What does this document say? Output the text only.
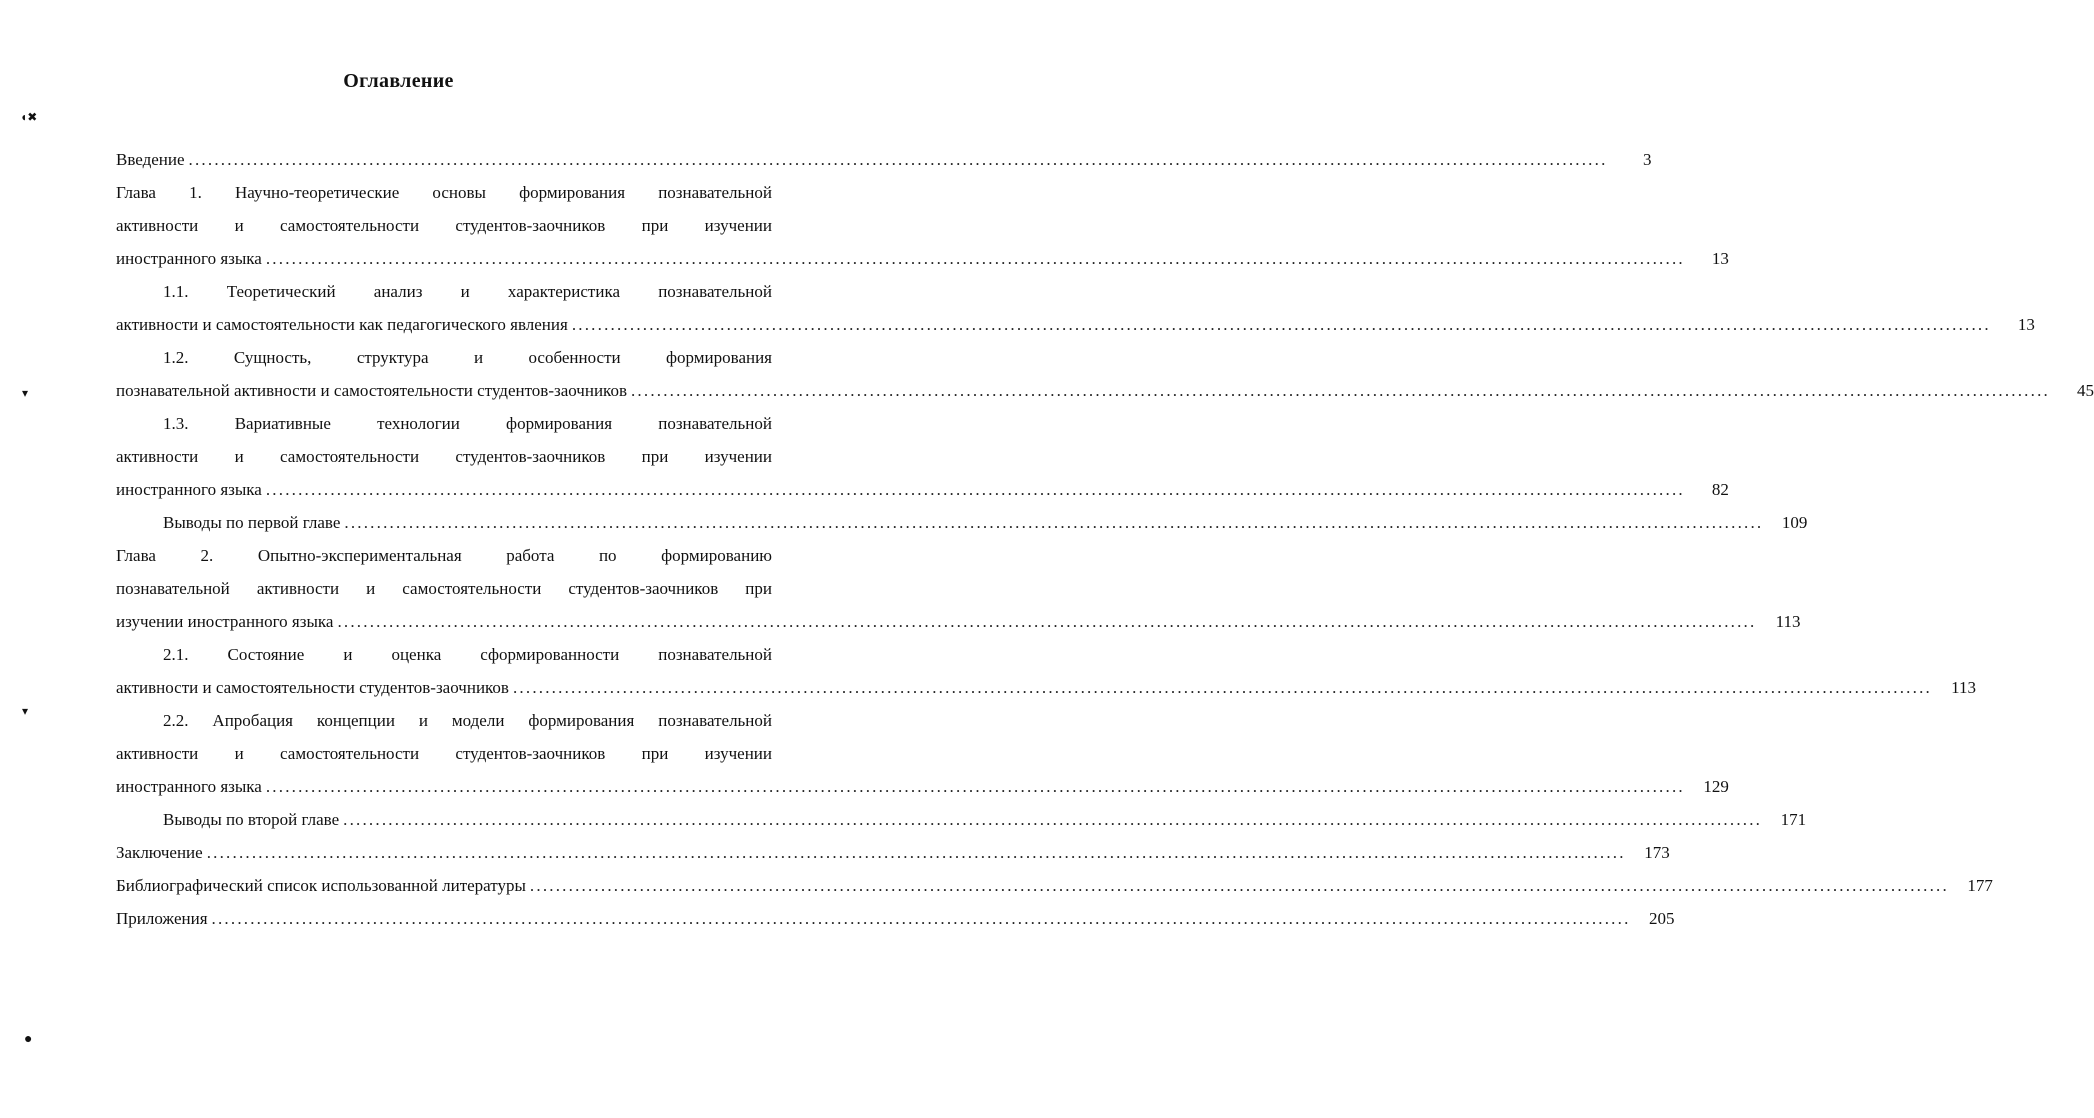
Оглавление
Введение ............................................................................................................................................................................................................................	3
Глава 1. Научно-теоретические основы формирования познавательной
активности и самостоятельности студентов-заочников при изучении
иностранного языка ............................................................................................................................................................................................................................	13
1.1. Теоретический анализ и характеристика познавательной
активности и самостоятельности как педагогического явления ............................................................................................................................................................................................................................	13
1.2. Сущность, структура и особенности формирования
познавательной активности и самостоятельности студентов-заочников ............................................................................................................................................................................................................................	45
1.3. Вариативные технологии формирования познавательной
активности и самостоятельности студентов-заочников при изучении
иностранного языка ............................................................................................................................................................................................................................	82
Выводы по первой главе ............................................................................................................................................................................................................................	109
Глава 2. Опытно-экспериментальная работа по формированию
познавательной активности и самостоятельности студентов-заочников при
изучении иностранного языка ............................................................................................................................................................................................................................	113
2.1. Состояние и оценка сформированности познавательной
активности и самостоятельности студентов-заочников ............................................................................................................................................................................................................................	113
2.2. Апробация концепции и модели формирования познавательной
активности и самостоятельности студентов-заочников при изучении
иностранного языка ............................................................................................................................................................................................................................	129
Выводы по второй главе ............................................................................................................................................................................................................................	171
Заключение ............................................................................................................................................................................................................................	173
Библиографический список использованной литературы ............................................................................................................................................................................................................................	177
Приложения ............................................................................................................................................................................................................................	205
◖✖
▾
▾
●
